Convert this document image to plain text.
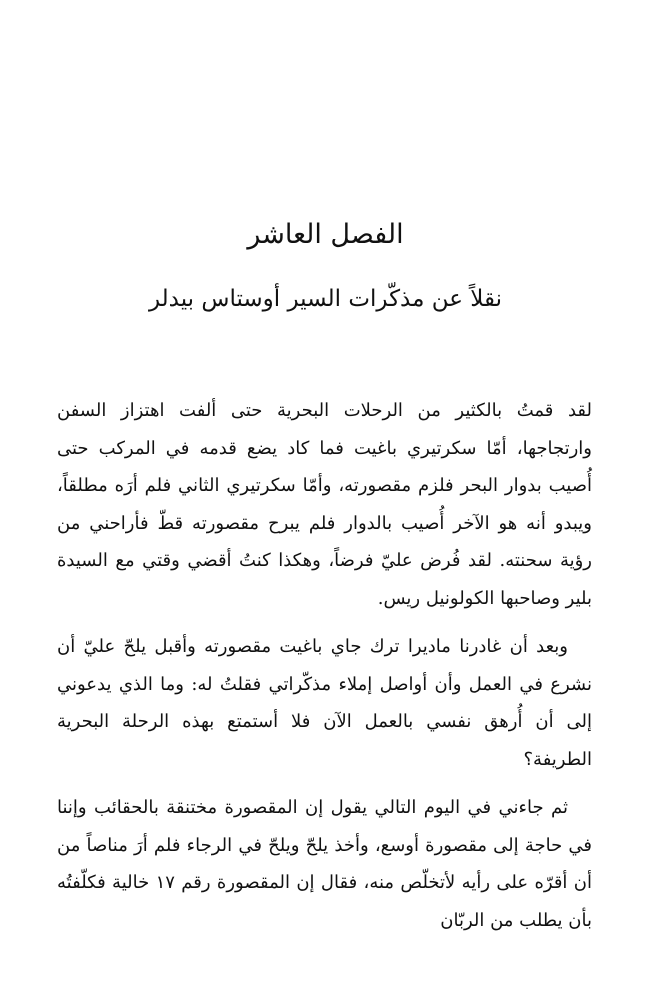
الفصل العاشر
نقلاً عن مذكّرات السير أوستاس بيدلر

لقد قمتُ بالكثير من الرحلات البحرية حتى ألفت اهتزاز السفن وارتجاجها، أمّا سكرتيري باغيت فما كاد يضع قدمه في المركب حتى أُصيب بدوار البحر فلزم مقصورته، وأمّا سكرتيري الثاني فلم أرَه مطلقاً، ويبدو أنه هو الآخر أُصيب بالدوار فلم يبرح مقصورته قطّ فأراحني من رؤية سحنته. لقد فُرض عليّ فرضاً، وهكذا كنتُ أقضي وقتي مع السيدة بلير وصاحبها الكولونيل ريس.

وبعد أن غادرنا ماديرا ترك جاي باغيت مقصورته وأقبل يلحّ عليّ أن نشرع في العمل وأن أواصل إملاء مذكّراتي فقلتُ له: وما الذي يدعوني إلى أن أُرهق نفسي بالعمل الآن فلا أستمتع بهذه الرحلة البحرية الطريفة؟

ثم جاءني في اليوم التالي يقول إن المقصورة مختنقة بالحقائب وإننا في حاجة إلى مقصورة أوسع، وأخذ يلحّ ويلحّ في الرجاء فلم أرَ مناصاً من أن أقرّه على رأيه لأتخلّص منه، فقال إن المقصورة رقم ١٧ خالية فكلّفتُه بأن يطلب من الربّان
